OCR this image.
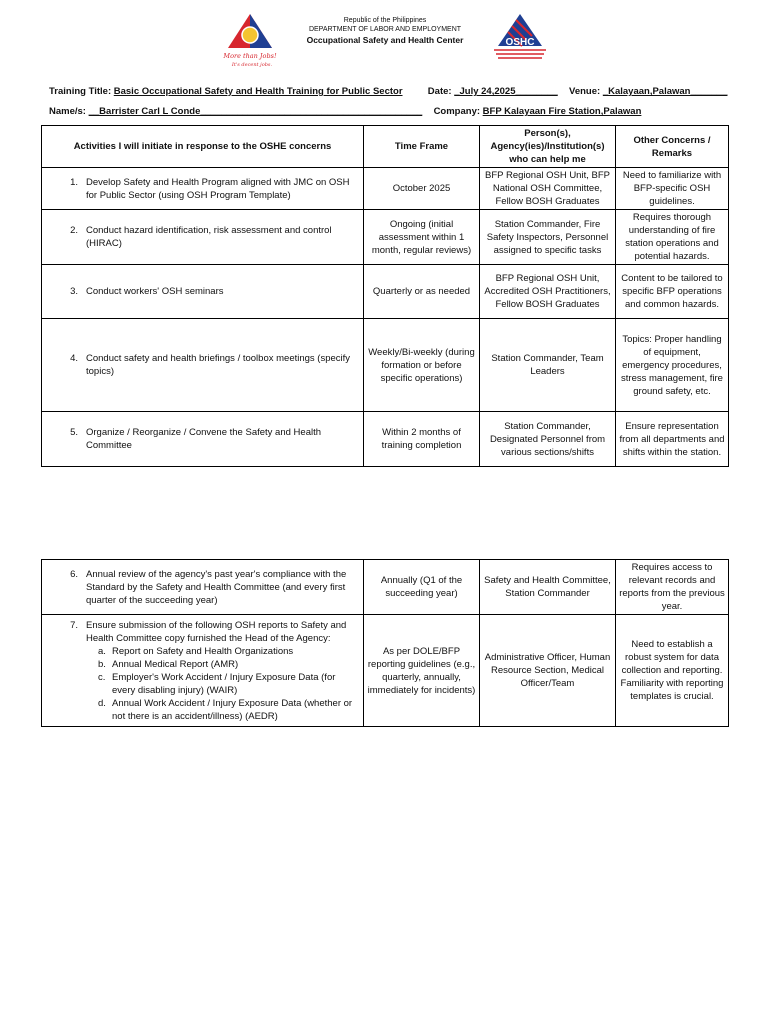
More than Jobs!
It's decent jobs.
Republic of the Philippines
DEPARTMENT OF LABOR AND EMPLOYMENT
Occupational Safety and Health Center	OSHC
Training Title: Basic Occupational Safety and Health Training for Public Sector	Date: _July 24,2025________ Venue: _Kalayaan,Palawan_______
Name/s: __Barrister Carl L Conde__________________________________________ Company: BFP Kalayaan Fire Station,Palawan
Activities I will initiate in response to the OSHE concerns	Time Frame	Person(s), Agency(ies)/Institution(s) who can help me	Other Concerns / Remarks
1. Develop Safety and Health Program aligned with JMC on OSH for Public Sector (using OSH Program Template)	October 2025	BFP Regional OSH Unit, BFP National OSH Committee, Fellow BOSH Graduates	Need to familiarize with BFP-specific OSH guidelines.
2. Conduct hazard identification, risk assessment and control (HIRAC)	Ongoing (initial assessment within 1 month, regular reviews)	Station Commander, Fire Safety Inspectors, Personnel assigned to specific tasks	Requires thorough understanding of fire station operations and potential hazards.
3. Conduct workers' OSH seminars	Quarterly or as needed	BFP Regional OSH Unit, Accredited OSH Practitioners, Fellow BOSH Graduates	Content to be tailored to specific BFP operations and common hazards.
4. Conduct safety and health briefings / toolbox meetings (specify topics)	Weekly/Bi-weekly (during formation or before specific operations)	Station Commander, Team Leaders	Topics: Proper handling of equipment, emergency procedures, stress management, fire ground safety, etc.
5. Organize / Reorganize / Convene the Safety and Health Committee	Within 2 months of training completion	Station Commander, Designated Personnel from various sections/shifts	Ensure representation from all departments and shifts within the station.
6. Annual review of the agency's past year's compliance with the Standard by the Safety and Health Committee (and every first quarter of the succeeding year)	Annually (Q1 of the succeeding year)	Safety and Health Committee, Station Commander	Requires access to relevant records and reports from the previous year.

7. Ensure submission of the following OSH reports to Safety and Health Committee copy furnished the Head of the Agency:
a. Report on Safety and Health Organizations
b. Annual Medical Report (AMR)
c. Employer's Work Accident / Injury Exposure Data (for every disabling injury) (WAIR)
d. Annual Work Accident / Injury Exposure Data (whether or not there is an accident/illness) (AEDR)	As per DOLE/BFP reporting guidelines (e.g., quarterly, annually, immediately for incidents)	Administrative Officer, Human Resource Section, Medical Officer/Team	Need to establish a robust system for data collection and reporting. Familiarity with reporting templates is crucial.
